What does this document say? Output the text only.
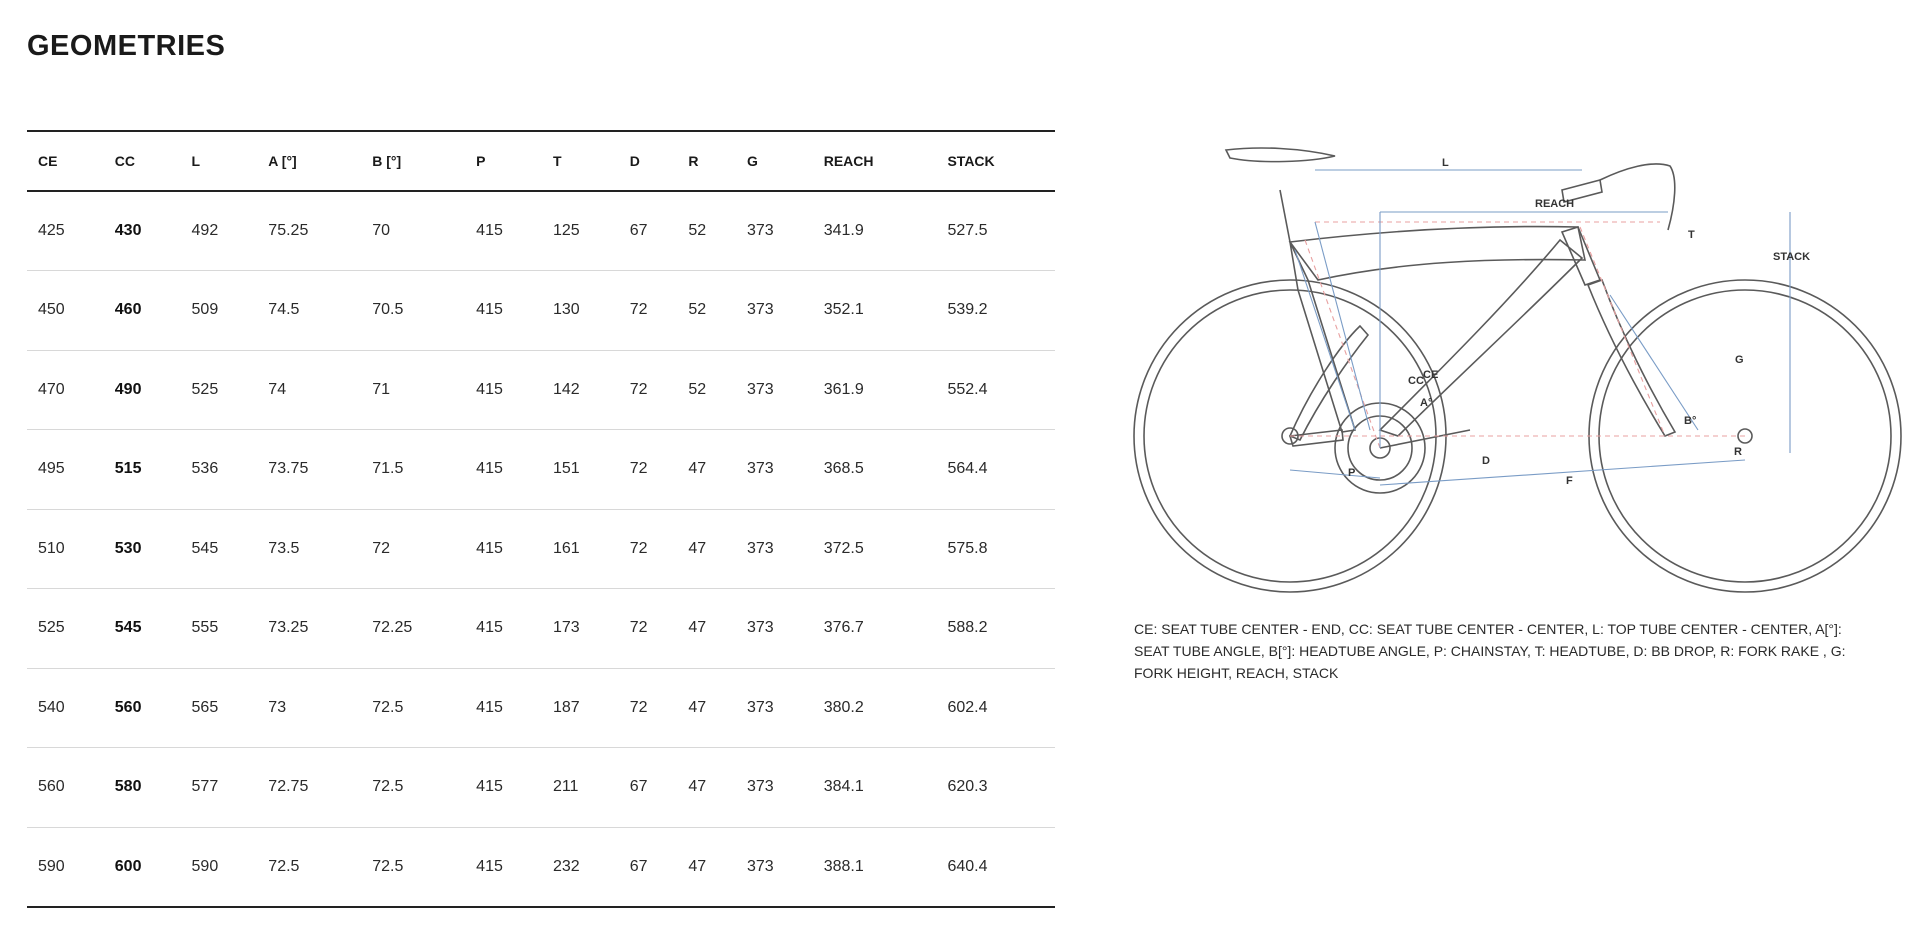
GEOMETRIES
CE	CC	L	A [°]	B [°]	P	T	D	R	G	REACH	STACK
425	430	492	75.25	70	415	125	67	52	373	341.9	527.5
450	460	509	74.5	70.5	415	130	72	52	373	352.1	539.2
470	490	525	74	71	415	142	72	52	373	361.9	552.4
495	515	536	73.75	71.5	415	151	72	47	373	368.5	564.4
510	530	545	73.5	72	415	161	72	47	373	372.5	575.8
525	545	555	73.25	72.25	415	173	72	47	373	376.7	588.2
540	560	565	73	72.5	415	187	72	47	373	380.2	602.4
560	580	577	72.75	72.5	415	211	67	47	373	384.1	620.3
590	600	590	72.5	72.5	415	232	67	47	373	388.1	640.4
L
REACH
STACK
T
G
CC CE
A°
B°
P
D
R
F

CE: SEAT TUBE CENTER - END, CC: SEAT TUBE CENTER - CENTER, L: TOP TUBE CENTER - CENTER, A[°]: SEAT TUBE ANGLE, B[°]: HEADTUBE ANGLE, P: CHAINSTAY, T: HEADTUBE, D: BB DROP, R: FORK RAKE , G: FORK HEIGHT, REACH, STACK
